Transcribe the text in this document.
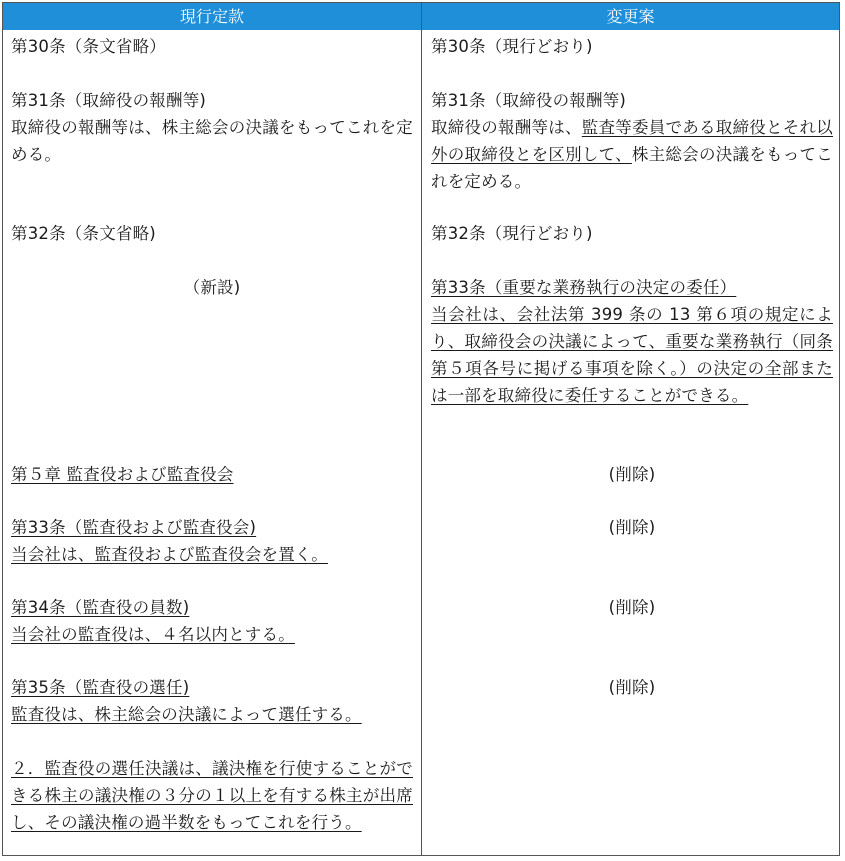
現行定款	変更案
第30条（条文省略）
第31条（取締役の報酬等)
取締役の報酬等は、株主総会の決議をもってこれを定める。
第32条（条文省略)
（新設)
第５章 監査役および監査役会
第33条（監査役および監査役会)
当会社は、監査役および監査役会を置く。
第34条（監査役の員数)
当会社の監査役は、４名以内とする。
第35条（監査役の選任)
監査役は、株主総会の決議によって選任する。
２．監査役の選任決議は、議決権を行使することができる株主の議決権の３分の１以上を有する株主が出席し、その議決権の過半数をもってこれを行う。
第30条（現行どおり)
第31条（取締役の報酬等)
取締役の報酬等は、監査等委員である取締役とそれ以外の取締役とを区別して、株主総会の決議をもってこれを定める。
第32条（現行どおり)
第33条（重要な業務執行の決定の委任）
当会社は、会社法第 399 条の 13 第６項の規定により、取締役会の決議によって、重要な業務執行（同条第５項各号に掲げる事項を除く。）の決定の全部または一部を取締役に委任することができる。
(削除)
(削除)
(削除)
(削除)
